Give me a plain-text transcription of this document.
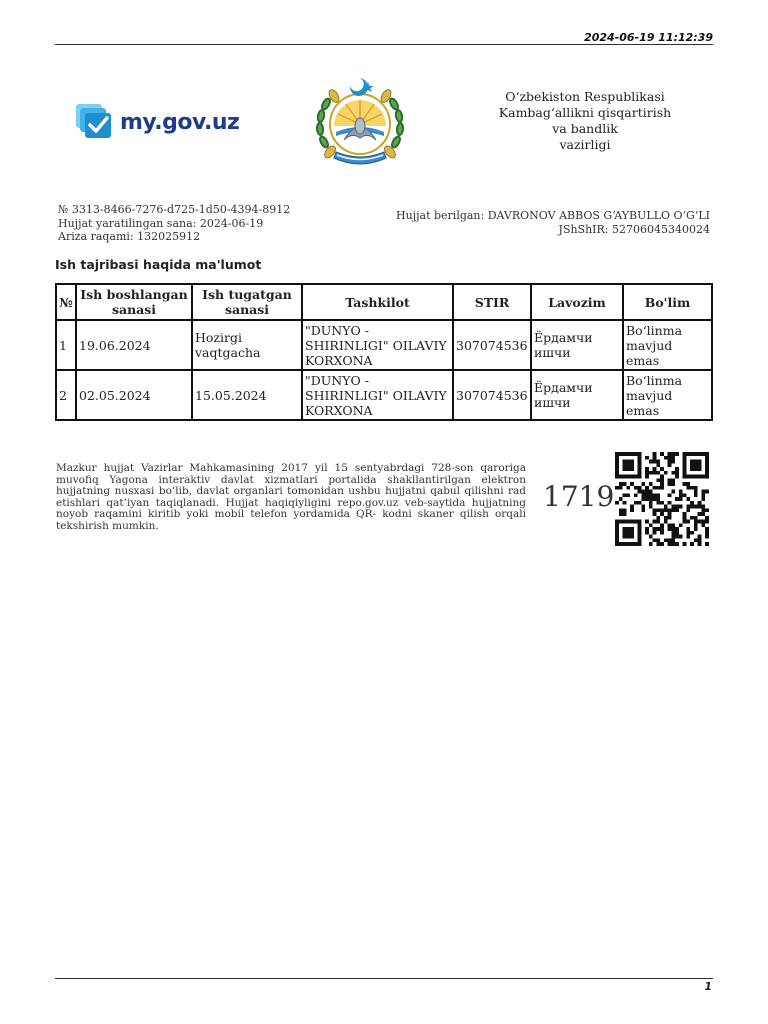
2024-06-19 11:12:39
my.gov.uz
O‘zbekiston Respublikasi
Kambag‘allikni qisqartirish
va bandlik
vazirligi
№ 3313-8466-7276-d725-1d50-4394-8912
Hujjat yaratilingan sana: 2024-06-19
Ariza raqami: 132025912
Hujjat berilgan: DAVRONOV ABBOS G‘AYBULLO O‘G‘LI
JShShIR: 52706045340024
Ish tajribasi haqida ma'lumot
№	Ish boshlangan sanasi	Ish tugatgan sanasi	Tashkilot	STIR	Lavozim	Bo'lim
1	19.06.2024	Hozirgi vaqtgacha	"DUNYO - SHIRINLIGI" OILAVIY KORXONA	307074536	Ёрдамчи ишчи	Bo‘linma mavjud emas
2	02.05.2024	15.05.2024	"DUNYO - SHIRINLIGI" OILAVIY KORXONA	307074536	Ёрдамчи ишчи	Bo‘linma mavjud emas
Mazkur hujjat Vazirlar Mahkamasining 2017 yil 15 sentyabrdagi 728-son qaroriga muvofiq Yagona interaktiv davlat xizmatlari portalida shakllantirilgan elektron hujjatning nusxasi bo‘lib, davlat organlari tomonidan ushbu hujjatni qabul qilishni rad etishlari qat’iyan taqiqlanadi. Hujjat haqiqiyligini repo.gov.uz veb-saytida hujjatning noyob raqamini kiritib yoki mobil telefon yordamida QR- kodni skaner qilish orqali tekshirish mumkin.
1719
1
